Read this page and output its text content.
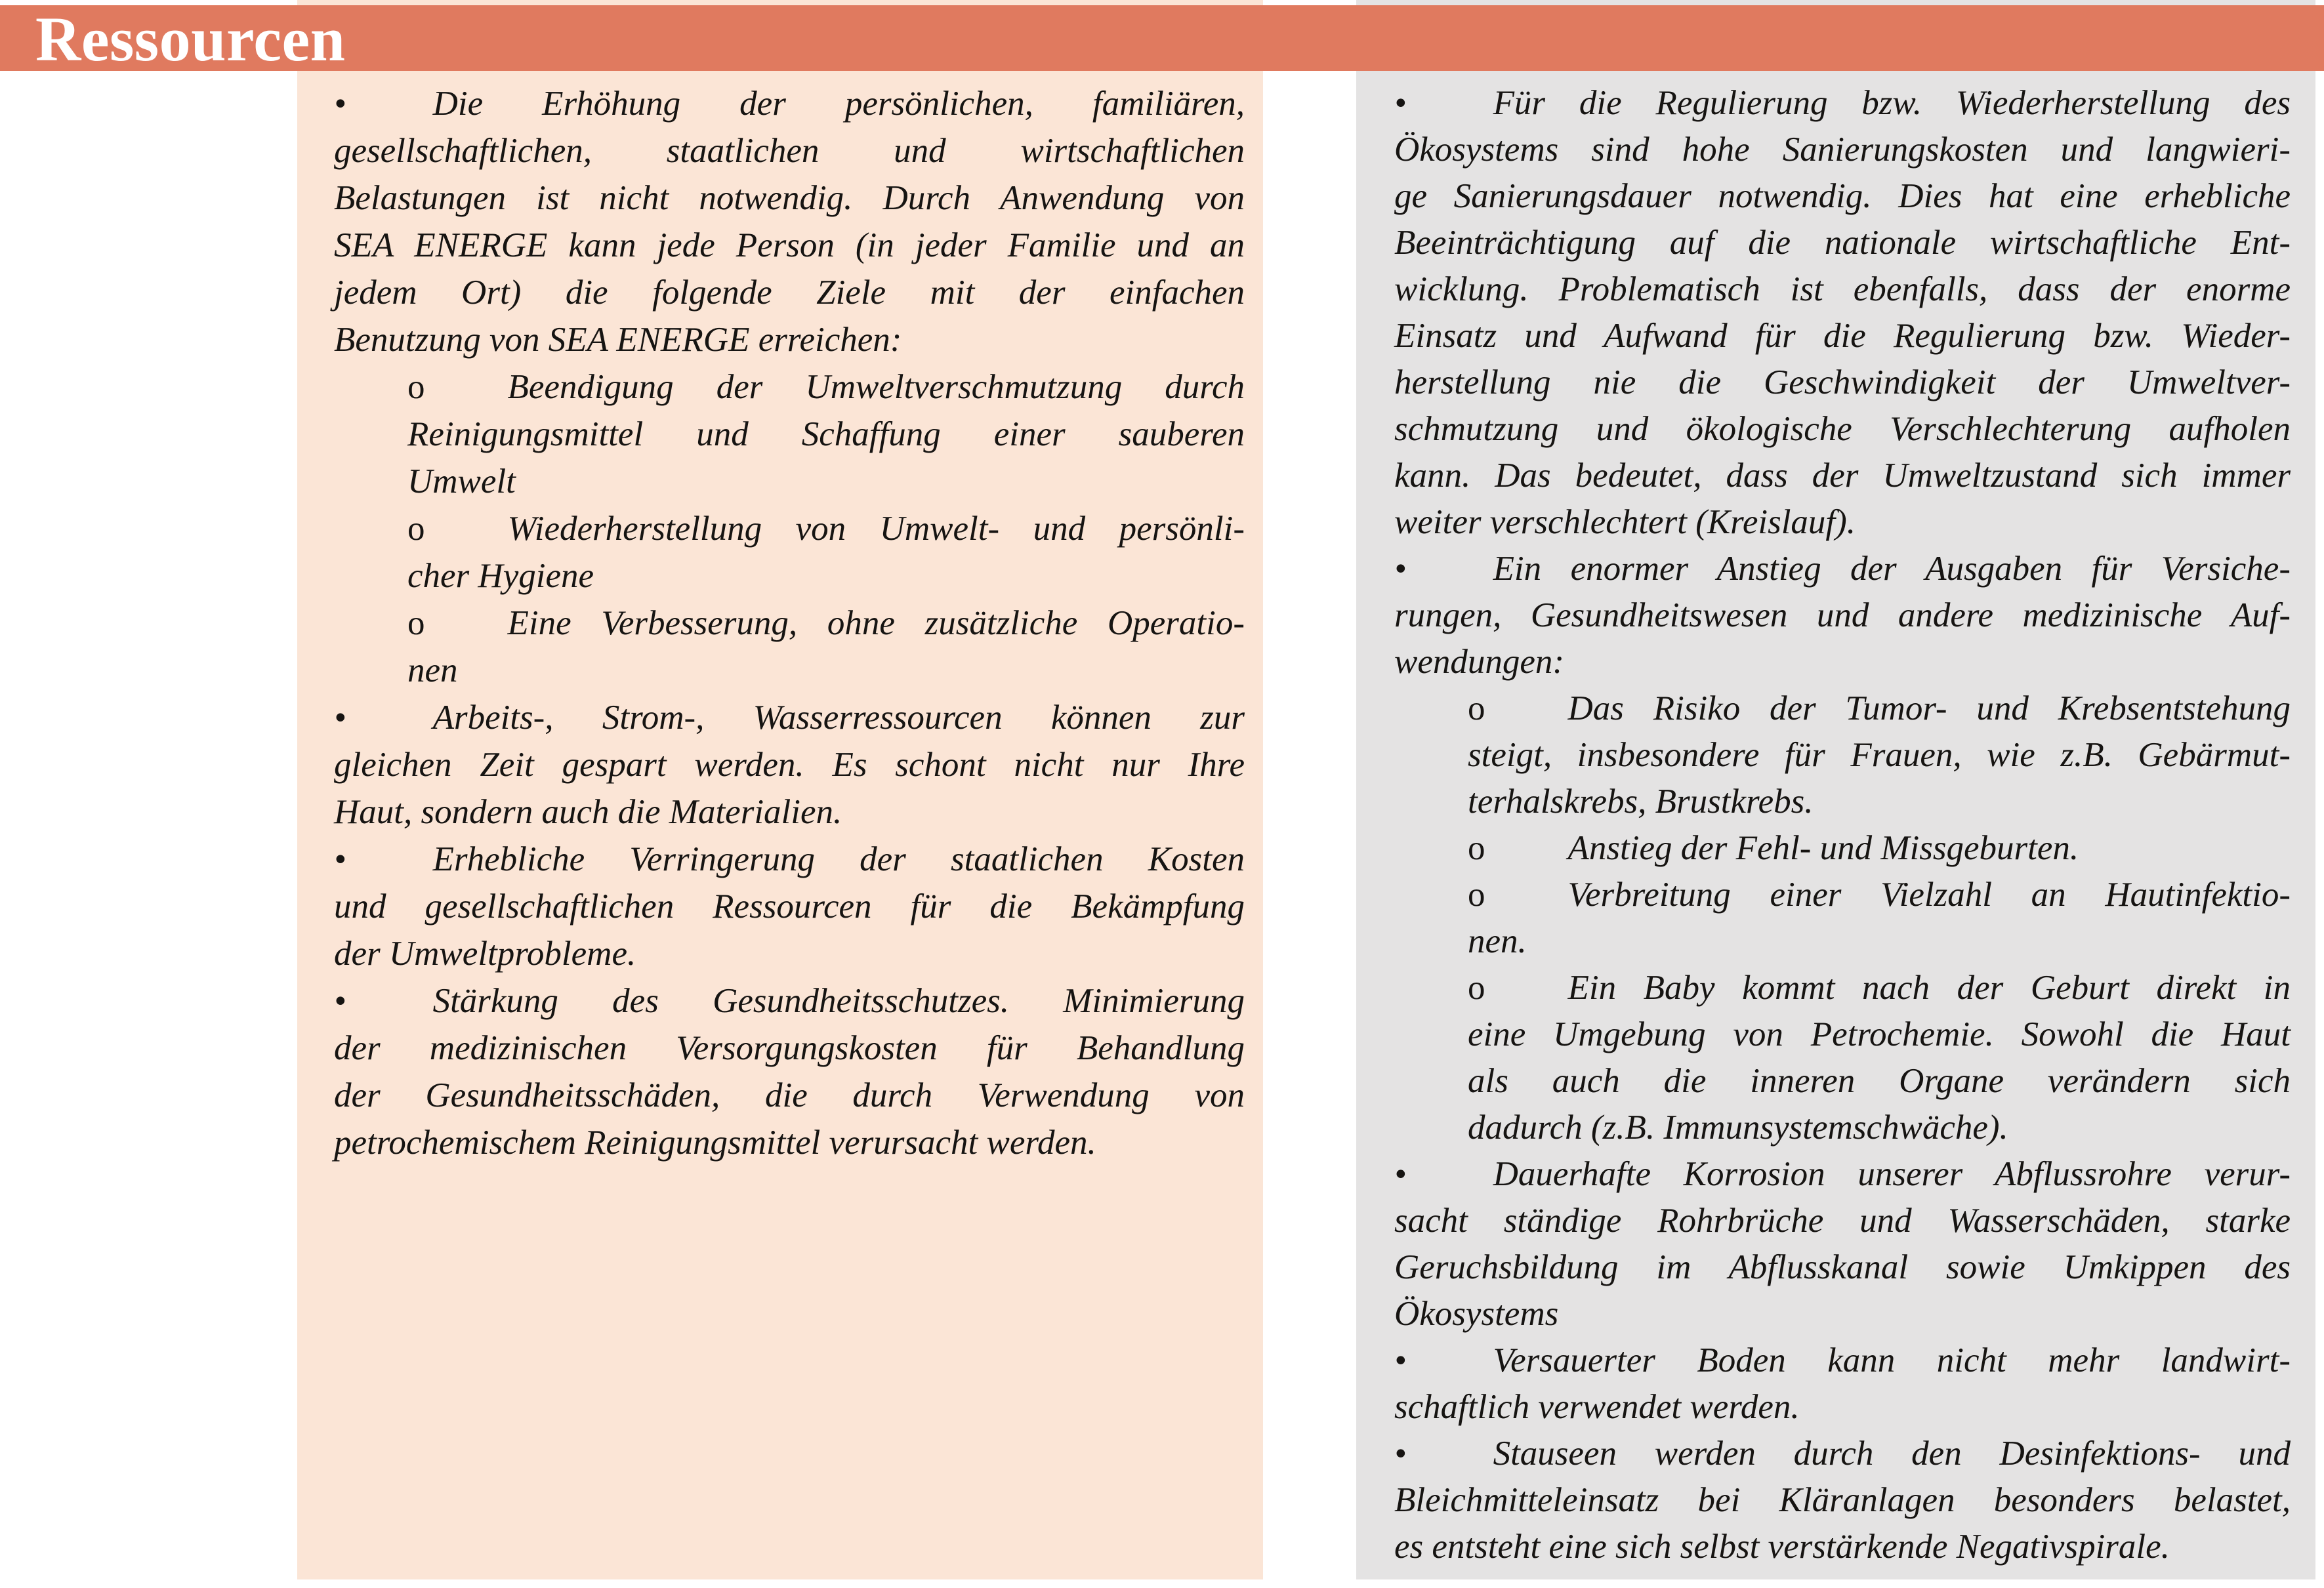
Ressourcen
• Die Erhöhung der persönlichen, familiären,
gesellschaftlichen, staatlichen und wirtschaftlichen
Belastungen ist nicht notwendig. Durch Anwendung von
SEA ENERGE kann jede Person (in jeder Familie und an
jedem Ort) die folgende Ziele mit der einfachen
Benutzung von SEA ENERGE erreichen:
o Beendigung der Umweltverschmutzung durch
Reinigungsmittel und Schaffung einer sauberen
Umwelt
o Wiederherstellung von Umwelt- und persönli-
cher Hygiene
o Eine Verbesserung, ohne zusätzliche Operatio-
nen
• Arbeits-, Strom-, Wasserressourcen können zur
gleichen Zeit gespart werden. Es schont nicht nur Ihre
Haut, sondern auch die Materialien.
• Erhebliche Verringerung der staatlichen Kosten
und gesellschaftlichen Ressourcen für die Bekämpfung
der Umweltprobleme.
• Stärkung des Gesundheitsschutzes. Minimierung
der medizinischen Versorgungskosten für Behandlung
der Gesundheitsschäden, die durch Verwendung von
petrochemischem Reinigungsmittel verursacht werden.
• Für die Regulierung bzw. Wiederherstellung des
Ökosystems sind hohe Sanierungskosten und langwieri-
ge Sanierungsdauer notwendig. Dies hat eine erhebliche
Beeinträchtigung auf die nationale wirtschaftliche Ent-
wicklung. Problematisch ist ebenfalls, dass der enorme
Einsatz und Aufwand für die Regulierung bzw. Wieder-
herstellung nie die Geschwindigkeit der Umweltver-
schmutzung und ökologische Verschlechterung aufholen
kann. Das bedeutet, dass der Umweltzustand sich immer
weiter verschlechtert (Kreislauf).
• Ein enormer Anstieg der Ausgaben für Versiche-
rungen, Gesundheitswesen und andere medizinische Auf-
wendungen:
o Das Risiko der Tumor- und Krebsentstehung
steigt, insbesondere für Frauen, wie z.B. Gebärmut-
terhalskrebs, Brustkrebs.
o Anstieg der Fehl- und Missgeburten.
o Verbreitung einer Vielzahl an Hautinfektio-
nen.
o Ein Baby kommt nach der Geburt direkt in
eine Umgebung von Petrochemie. Sowohl die Haut
als auch die inneren Organe verändern sich
dadurch (z.B. Immunsystemschwäche).
• Dauerhafte Korrosion unserer Abflussrohre verur-
sacht ständige Rohrbrüche und Wasserschäden, starke
Geruchsbildung im Abflusskanal sowie Umkippen des
Ökosystems
• Versauerter Boden kann nicht mehr landwirt-
schaftlich verwendet werden.
• Stauseen werden durch den Desinfektions- und
Bleichmitteleinsatz bei Kläranlagen besonders belastet,
es entsteht eine sich selbst verstärkende Negativspirale.
